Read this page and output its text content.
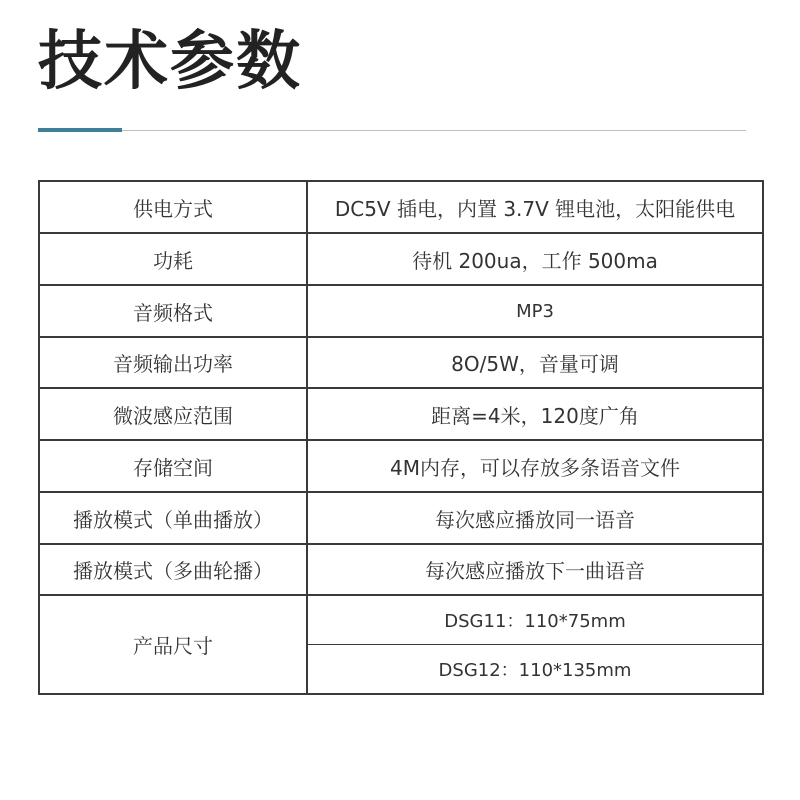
技术参数
供电方式	DC5V 插电，内置 3.7V 锂电池，太阳能供电
功耗	待机 200ua，工作 500ma
音频格式	MP3
音频输出功率	8O/5W，音量可调
微波感应范围	距离=4米，120度广角
存储空间	4M内存，可以存放多条语音文件
播放模式（单曲播放）	每次感应播放同一语音
播放模式（多曲轮播）	每次感应播放下一曲语音
产品尺寸	DSG11：110*75mm
	DSG12：110*135mm
